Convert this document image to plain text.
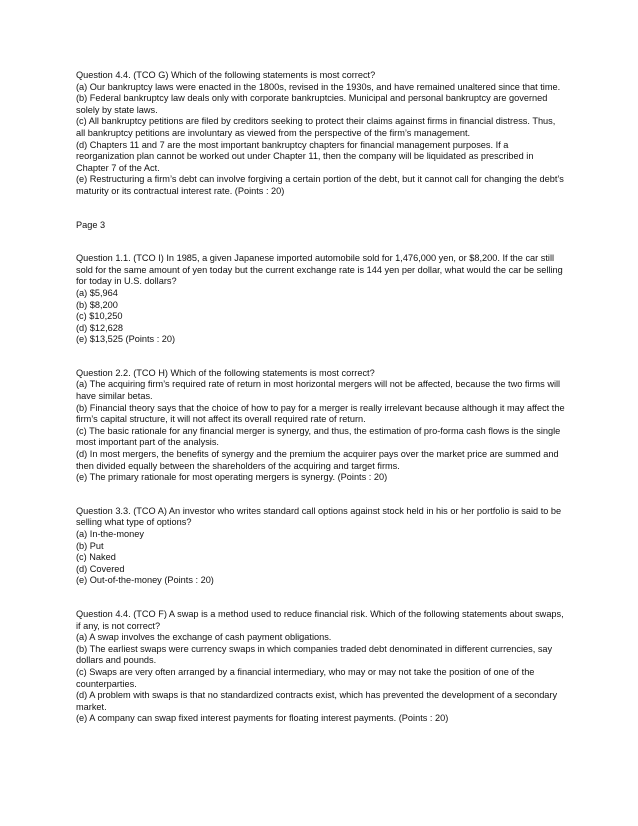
Question 4.4. (TCO G) Which of the following statements is most correct?

(a) Our bankruptcy laws were enacted in the 1800s, revised in the 1930s, and have remained unaltered since that time.

(b) Federal bankruptcy law deals only with corporate bankruptcies. Municipal and personal bankruptcy are governed solely by state laws.

(c) All bankruptcy petitions are filed by creditors seeking to protect their claims against firms in financial distress. Thus, all bankruptcy petitions are involuntary as viewed from the perspective of the firm’s management.

(d) Chapters 11 and 7 are the most important bankruptcy chapters for financial management purposes. If a reorganization plan cannot be worked out under Chapter 11, then the company will be liquidated as prescribed in Chapter 7 of the Act.

(e) Restructuring a firm’s debt can involve forgiving a certain portion of the debt, but it cannot call for changing the debt’s maturity or its contractual interest rate. (Points : 20)

Page 3

Question 1.1. (TCO I) In 1985, a given Japanese imported automobile sold for 1,476,000 yen, or $8,200. If the car still sold for the same amount of yen today but the current exchange rate is 144 yen per dollar, what would the car be selling for today in U.S. dollars?

(a) $5,964

(b) $8,200

(c) $10,250

(d) $12,628

(e) $13,525 (Points : 20)

Question 2.2. (TCO H) Which of the following statements is most correct?

(a) The acquiring firm’s required rate of return in most horizontal mergers will not be affected, because the two firms will have similar betas.

(b) Financial theory says that the choice of how to pay for a merger is really irrelevant because although it may affect the firm’s capital structure, it will not affect its overall required rate of return.

(c) The basic rationale for any financial merger is synergy, and thus, the estimation of pro-forma cash flows is the single most important part of the analysis.

(d) In most mergers, the benefits of synergy and the premium the acquirer pays over the market price are summed and then divided equally between the shareholders of the acquiring and target firms.

(e) The primary rationale for most operating mergers is synergy. (Points : 20)

Question 3.3. (TCO A) An investor who writes standard call options against stock held in his or her portfolio is said to be selling what type of options?

(a) In-the-money

(b) Put

(c) Naked

(d) Covered

(e) Out-of-the-money (Points : 20)

Question 4.4. (TCO F) A swap is a method used to reduce financial risk. Which of the following statements about swaps, if any, is not correct?

(a) A swap involves the exchange of cash payment obligations.

(b) The earliest swaps were currency swaps in which companies traded debt denominated in different currencies, say dollars and pounds.

(c) Swaps are very often arranged by a financial intermediary, who may or may not take the position of one of the counterparties.

(d) A problem with swaps is that no standardized contracts exist, which has prevented the development of a secondary market.

(e) A company can swap fixed interest payments for floating interest payments. (Points : 20)
